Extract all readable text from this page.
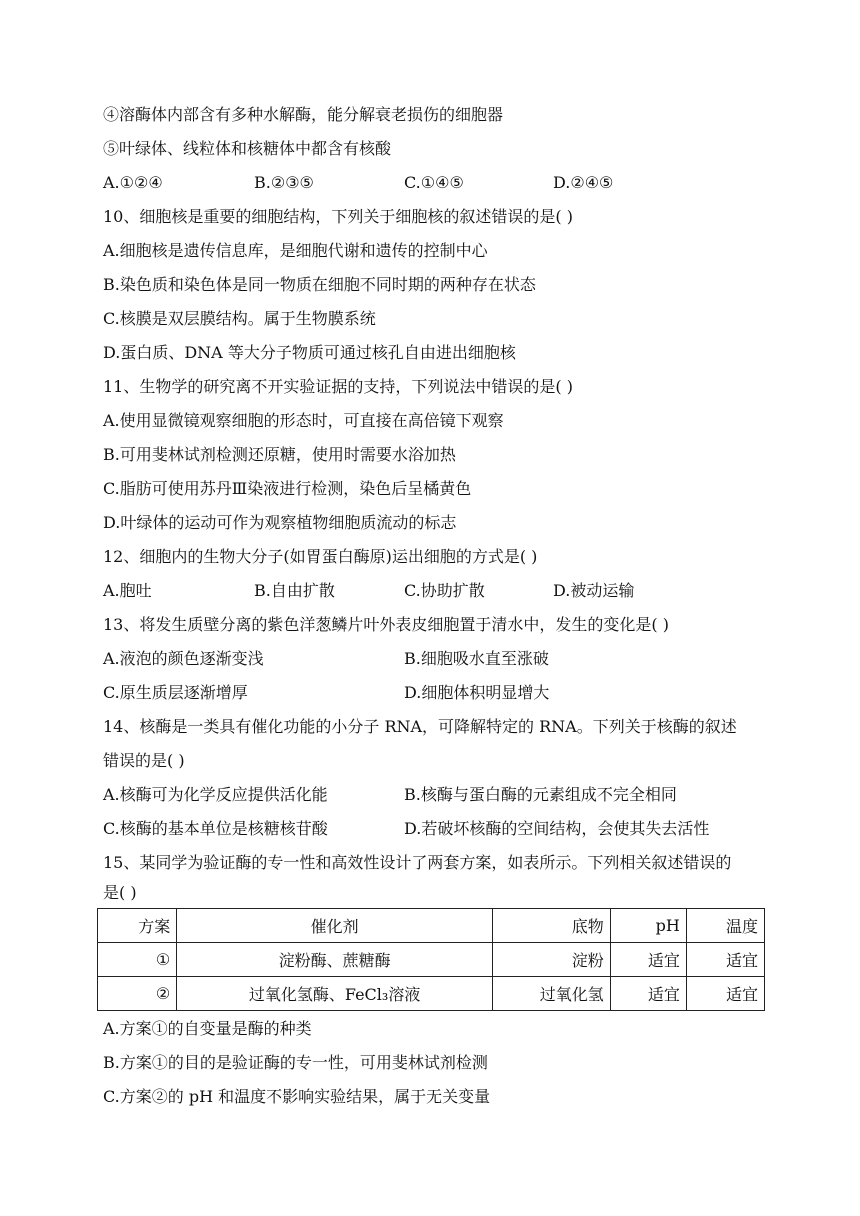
④溶酶体内部含有多种水解酶，能分解衰老损伤的细胞器
⑤叶绿体、线粒体和核糖体中都含有核酸
A.①②④	B.②③⑤	C.①④⑤	D.②④⑤
10、细胞核是重要的细胞结构，下列关于细胞核的叙述错误的是( )
A.细胞核是遗传信息库，是细胞代谢和遗传的控制中心
B.染色质和染色体是同一物质在细胞不同时期的两种存在状态
C.核膜是双层膜结构。属于生物膜系统
D.蛋白质、DNA 等大分子物质可通过核孔自由进出细胞核
11、生物学的研究离不开实验证据的支持，下列说法中错误的是( )
A.使用显微镜观察细胞的形态时，可直接在高倍镜下观察
B.可用斐林试剂检测还原糖，使用时需要水浴加热
C.脂肪可使用苏丹Ⅲ染液进行检测，染色后呈橘黄色
D.叶绿体的运动可作为观察植物细胞质流动的标志
12、细胞内的生物大分子(如胃蛋白酶原)运出细胞的方式是( )
A.胞吐	B.自由扩散	C.协助扩散	D.被动运输
13、将发生质壁分离的紫色洋葱鳞片叶外表皮细胞置于清水中，发生的变化是( )
A.液泡的颜色逐渐变浅	B.细胞吸水直至涨破
C.原生质层逐渐增厚	D.细胞体积明显增大
14、核酶是一类具有催化功能的小分子 RNA，可降解特定的 RNA。下列关于核酶的叙述
错误的是( )
A.核酶可为化学反应提供活化能	B.核酶与蛋白酶的元素组成不完全相同
C.核酶的基本单位是核糖核苷酸	D.若破坏核酶的空间结构，会使其失去活性
15、某同学为验证酶的专一性和高效性设计了两套方案，如表所示。下列相关叙述错误的
是( )
方案	催化剂	底物	pH	温度
①	淀粉酶、蔗糖酶	淀粉	适宜	适宜
②	过氧化氢酶、FeCl₃溶液	过氧化氢	适宜	适宜
A.方案①的自变量是酶的种类
B.方案①的目的是验证酶的专一性，可用斐林试剂检测
C.方案②的 pH 和温度不影响实验结果，属于无关变量
